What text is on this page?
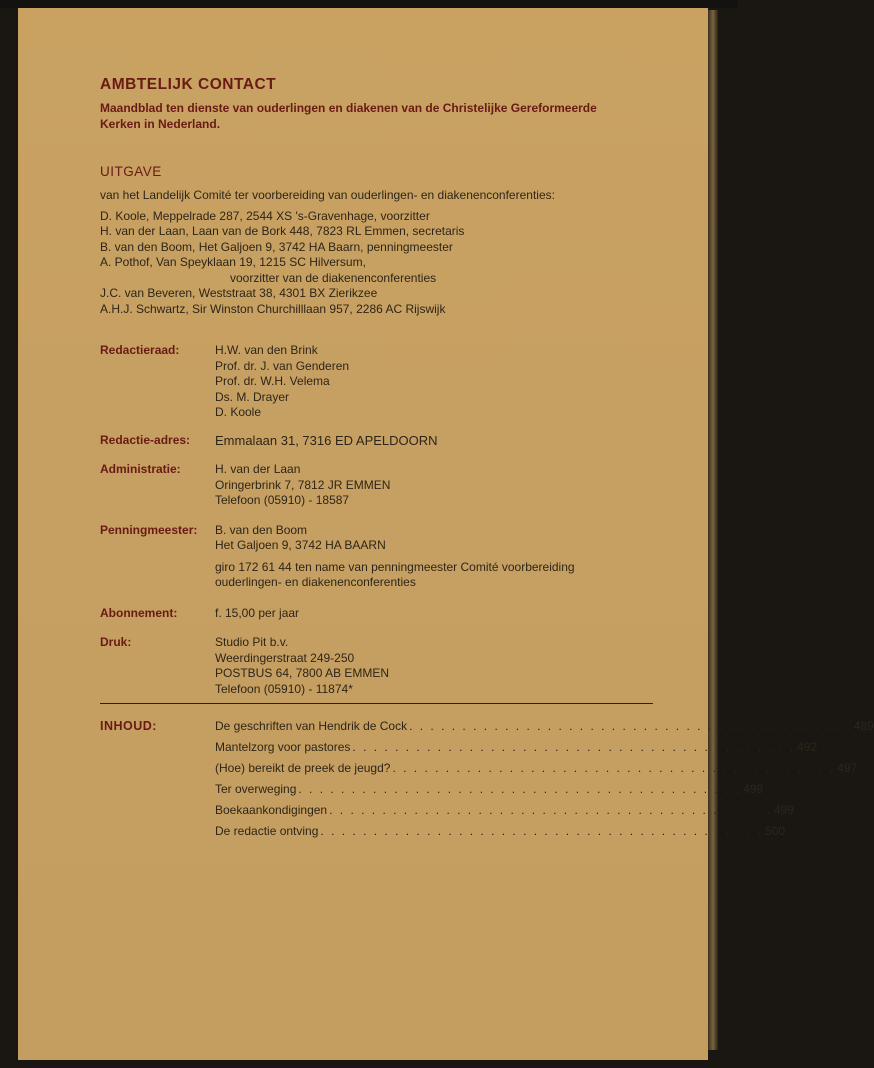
AMBTELIJK CONTACT
Maandblad ten dienste van ouderlingen en diakenen van de Christelijke Gereformeerde
Kerken in Nederland.
UITGAVE
van het Landelijk Comité ter voorbereiding van ouderlingen- en diakenenconferenties:
D. Koole, Meppelrade 287, 2544 XS 's-Gravenhage, voorzitter
H. van der Laan, Laan van de Bork 448, 7823 RL Emmen, secretaris
B. van den Boom, Het Galjoen 9, 3742 HA Baarn, penningmeester
A. Pothof, Van Speyklaan 19, 1215 SC Hilversum,
voorzitter van de diakenenconferenties
J.C. van Beveren, Weststraat 38, 4301 BX Zierikzee
A.H.J. Schwartz, Sir Winston Churchilllaan 957, 2286 AC Rijswijk
Redactieraad:	H.W. van den Brink
Prof. dr. J. van Genderen
Prof. dr. W.H. Velema
Ds. M. Drayer
D. Koole
Redactie-adres:	Emmalaan 31, 7316 ED APELDOORN
Administratie:	H. van der Laan
Oringerbrink 7, 7812 JR EMMEN
Telefoon (05910) - 18587
Penningmeester:	B. van den Boom
Het Galjoen 9, 3742 HA BAARN
giro 172 61 44 ten name van penningmeester Comité voorbereiding
ouderlingen- en diakenenconferenties
Abonnement:	f. 15,00 per jaar
Druk:	Studio Pit b.v.
Weerdingerstraat 249-250
POSTBUS 64, 7800 AB EMMEN
Telefoon (05910) - 11874*
INHOUD:	De geschriften van Hendrik de Cock . . . . . . . . . . . . . . . . . . . . . . . . . . . . . . . . . . . . . . . . . . 489
Mantelzorg voor pastores . . . . . . . . . . . . . . . . . . . . . . . . . . . . . . . . . . . . . . . . . . 492
(Hoe) bereikt de preek de jeugd? . . . . . . . . . . . . . . . . . . . . . . . . . . . . . . . . . . . . . . . . . . 497
Ter overweging . . . . . . . . . . . . . . . . . . . . . . . . . . . . . . . . . . . . . . . . . . 499
Boekaankondigingen . . . . . . . . . . . . . . . . . . . . . . . . . . . . . . . . . . . . . . . . . . 499
De redactie ontving . . . . . . . . . . . . . . . . . . . . . . . . . . . . . . . . . . . . . . . . . . 500
